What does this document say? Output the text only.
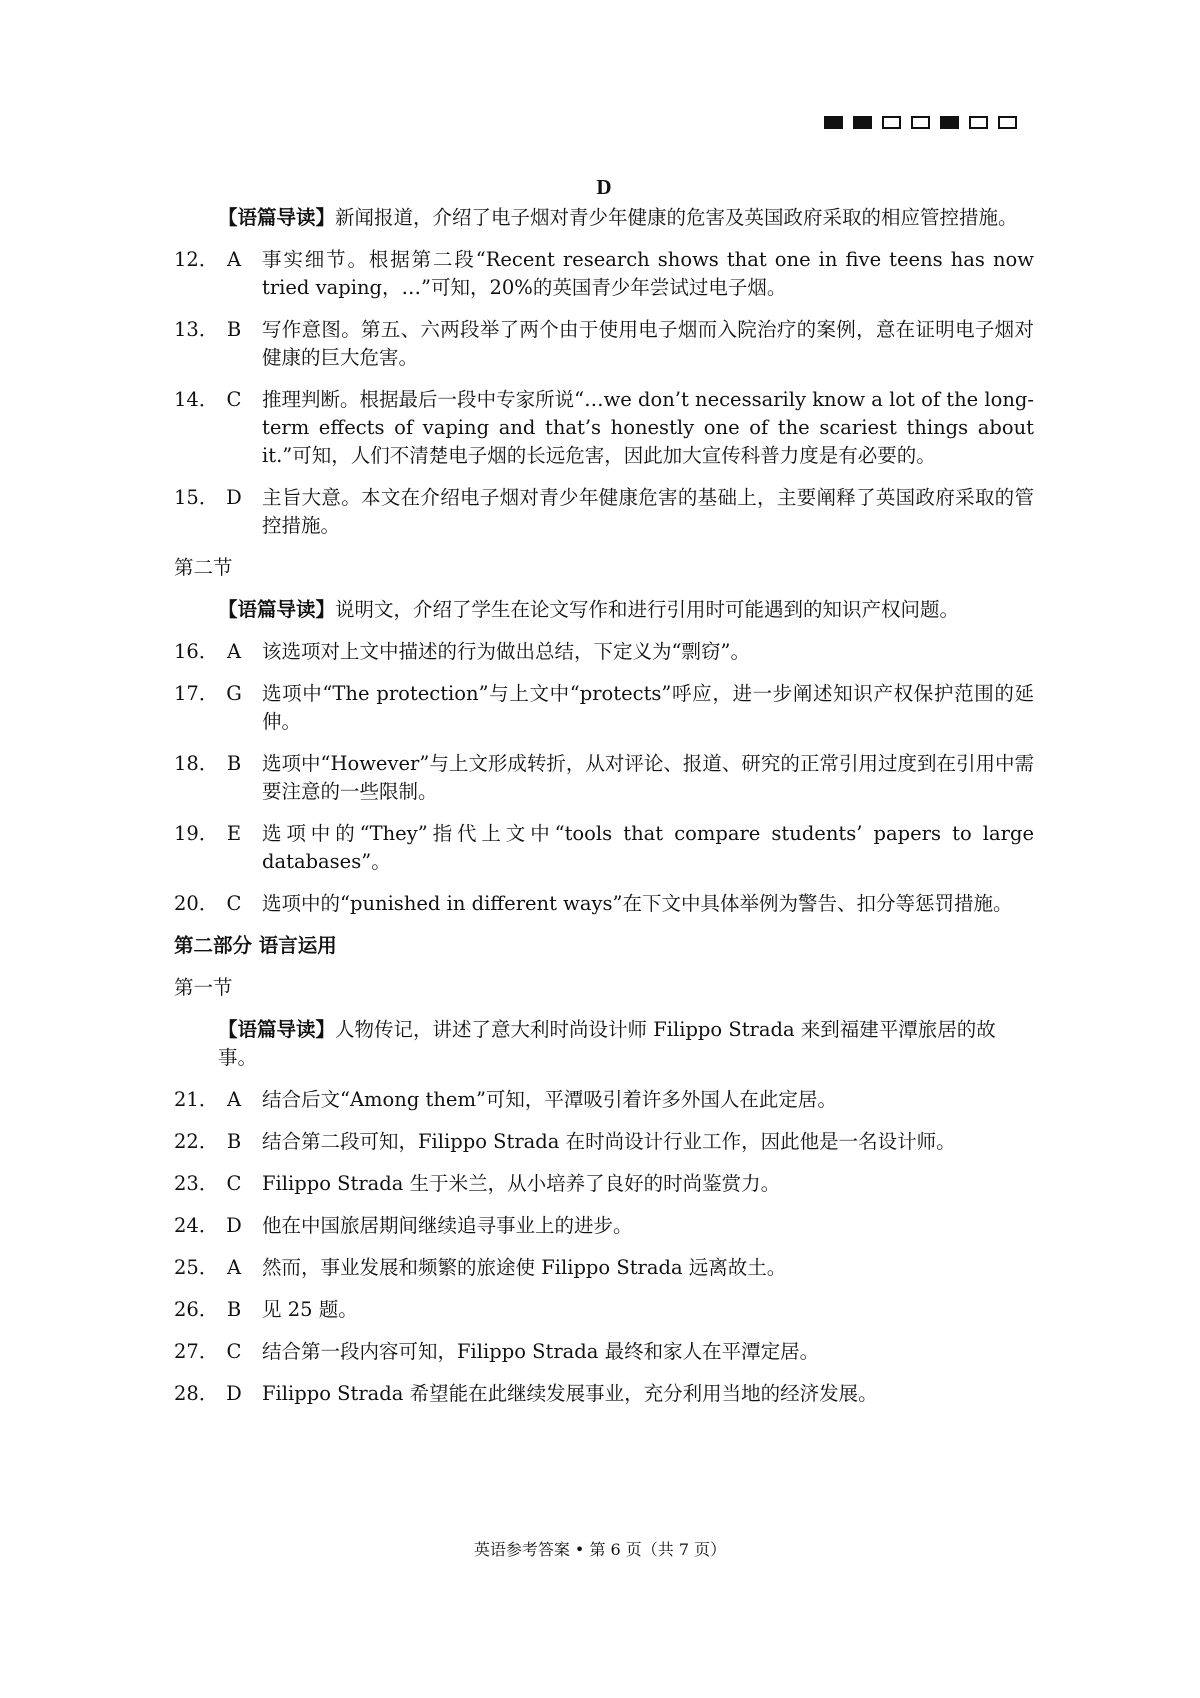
D
【语篇导读】新闻报道，介绍了电子烟对青少年健康的危害及英国政府采取的相应管控措施。
12． A	事实细节。根据第二段“Recent research shows that one in five teens has now tried vaping，…”可知，20%的英国青少年尝试过电子烟。
13． B	写作意图。第五、六两段举了两个由于使用电子烟而入院治疗的案例，意在证明电子烟对健康的巨大危害。
14． C	推理判断。根据最后一段中专家所说“…we don’t necessarily know a lot of the long-term effects of vaping and that’s honestly one of the scariest things about it.”可知，人们不清楚电子烟的长远危害，因此加大宣传科普力度是有必要的。
15． D	主旨大意。本文在介绍电子烟对青少年健康危害的基础上，主要阐释了英国政府采取的管控措施。
第二节
【语篇导读】说明文，介绍了学生在论文写作和进行引用时可能遇到的知识产权问题。
16． A	该选项对上文中描述的行为做出总结，下定义为“剽窃”。
17． G	选项中“The protection”与上文中“protects”呼应，进一步阐述知识产权保护范围的延伸。
18． B	选项中“However”与上文形成转折，从对评论、报道、研究的正常引用过度到在引用中需要注意的一些限制。
19． E	选项中的“They”指代上文中“tools that compare students’ papers to large databases”。
20． C	选项中的“punished in different ways”在下文中具体举例为警告、扣分等惩罚措施。
第二部分 语言运用
第一节
【语篇导读】人物传记，讲述了意大利时尚设计师 Filippo Strada 来到福建平潭旅居的故事。
21． A	结合后文“Among them”可知，平潭吸引着许多外国人在此定居。
22． B	结合第二段可知，Filippo Strada 在时尚设计行业工作，因此他是一名设计师。
23． C	Filippo Strada 生于米兰，从小培养了良好的时尚鉴赏力。
24． D	他在中国旅居期间继续追寻事业上的进步。
25． A	然而，事业发展和频繁的旅途使 Filippo Strada 远离故土。
26． B	见 25 题。
27． C	结合第一段内容可知，Filippo Strada 最终和家人在平潭定居。
28． D	Filippo Strada 希望能在此继续发展事业，充分利用当地的经济发展。
英语参考答案 • 第 6 页（共 7 页）
